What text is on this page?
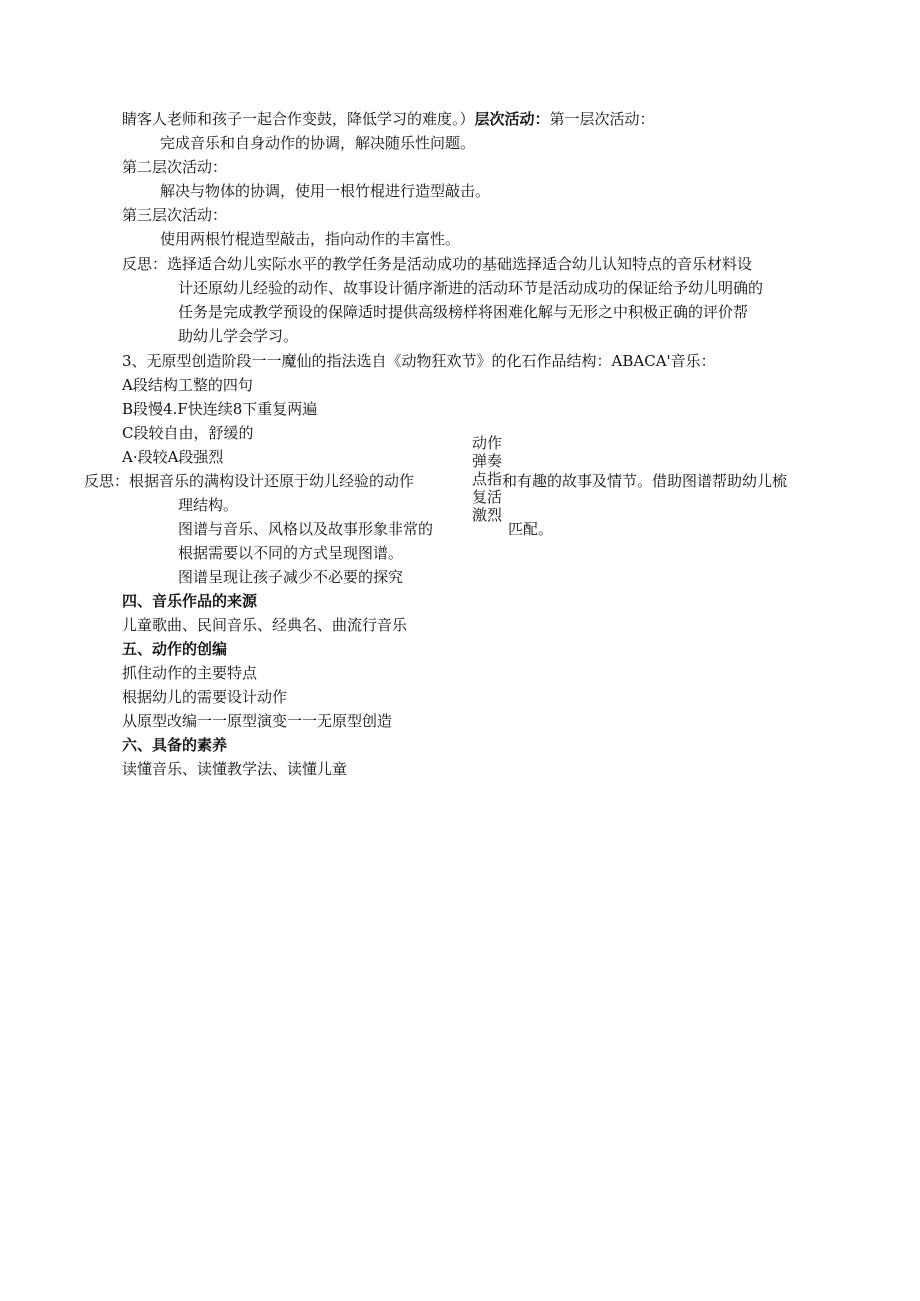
睛客人老师和孩子一起合作变鼓，降低学习的难度。）层次活动：第一层次活动：
完成音乐和自身动作的协调，解决随乐性问题。
第二层次活动：
解决与物体的协调，使用一根竹棍进行造型敲击。
第三层次活动：
使用两根竹棍造型敲击，指向动作的丰富性。
反思：选择适合幼儿实际水平的教学任务是活动成功的基础选择适合幼儿认知特点的音乐材料设
计还原幼儿经验的动作、故事设计循序渐进的活动环节是活动成功的保证给予幼儿明确的
任务是完成教学预设的保障适时提供高级榜样将困难化解与无形之中积极正确的评价帮
助幼儿学会学习。
3、无原型创造阶段一一魔仙的指法选自《动物狂欢节》的化石作品结构：ABACA'音乐：
A段结构工整的四句
B段慢4.F快连续8下重复两遍
C段较自由，舒缓的
A·段较A段强烈
动作
弹奏
点指
复活
激烈
反思：根据音乐的满构设计还原于幼儿经验的动作	和有趣的故事及情节。借助图谱帮助幼儿梳
理结构。
图谱与音乐、风格以及故事形象非常的	匹配。
根据需要以不同的方式呈现图谱。
图谱呈现让孩子减少不必要的探究
四、音乐作品的来源
儿童歌曲、民间音乐、经典名、曲流行音乐
五、动作的创编
抓住动作的主要特点
根据幼儿的需要设计动作
从原型改编一一原型演变一一无原型创造
六、具备的素养
读懂音乐、读懂教学法、读懂儿童
